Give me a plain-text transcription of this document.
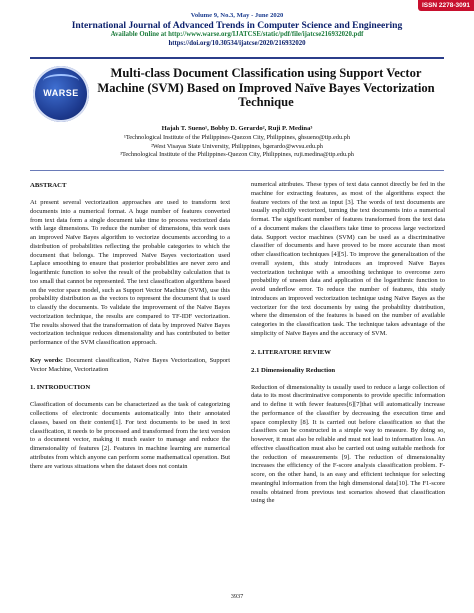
ISSN 2278-3091
Volume 9, No.3, May - June 2020
International Journal of Advanced Trends in Computer Science and Engineering
Available Online at http://www.warse.org/IJATCSE/static/pdf/file/ijatcse216932020.pdf
https://doi.org/10.30534/ijatcse/2020/216932020
WARSE
Multi-class Document Classification using Support Vector Machine (SVM) Based on Improved Naïve Bayes Vectorization Technique
Hajah T. Sueno¹, Bobby D. Gerardo², Ruji P. Medina³
¹Technological Institute of the Philippines-Quezon City, Philippines, ghsueno@tip.edu.ph
²West Visayas State University, Philippines, bgerardo@wvsu.edu.ph
³Technological Institute of the Philippines-Quezon City, Philippines, ruji.medina@tip.edu.ph

ABSTRACT

At present several vectorization approaches are used to transform text documents into a numerical format. A huge number of features converted from text data form a single document take time to process vectorized data with large dimensions. To reduce the number of dimensions, this work uses an improved Naïve Bayes algorithm to vectorize documents according to a distribution of probabilities reflecting the probable categories to which the document that belongs. The improved Naïve Bayes vectorization used Laplace smoothing to ensure that posterior probabilities are never zero and logarithmic function to solve the result of the probability calculation that is too small that cannot be represented. The text classification algorithms based on the vector space model, such as Support Vector Machine (SVM), use this probability distribution as the vectors to represent the document that is used to classify the documents. To validate the improvement of the Naïve Bayes vectorization technique, the results are compared to TF-IDF vectorization. The results showed that the transformation of data by improved Naïve Bayes vectorization technique reduces dimensionality and has contributed to better performance of the SVM classification approach.

Key words: Document classification, Naïve Bayes Vectorization, Support Vector Machine, Vectorization

1. INTRODUCTION

Classification of documents can be characterized as the task of categorizing collections of electronic documents automatically into their annotated classes, based on their content[1]. For text documents to be used in text classification, it needs to be processed and transformed from the text version to a document vector, making it much easier to manage and reduce the dimensionality of features [2]. Features in machine learning are numerical attributes from which anyone can perform some mathematical operation. But there are various situations when the dataset does not contain

numerical attributes. These types of text data cannot directly be fed in the machine for extracting features, as most of the algorithms expect the feature vectors of the text as input [3]. The words of text documents are usually explicitly vectorized, turning the text documents into a numerical format. The significant number of features transformed from the text data of a document makes the classifiers take time to process large vectorized data. Support vector machines (SVM) can be used as a discriminative classifier of documents and have proved to be more accurate than most other classification techniques [4][5]. To improve the generalization of the overall system, this study introduces an improved Naïve Bayes vectorization technique with a smoothing technique to overcome zero probability of unseen data and application of the logarithmic function to avoid underflow error. To reduce the number of features, this study introduces an improved vectorization technique using Naïve Bayes as the vectorizer for the text documents by using the probability distribution, where the dimension of the features is based on the number of available categories in the classification task. The technique takes advantage of the simplicity of Naïve Bayes and the accuracy of SVM.

2. LITERATURE REVIEW

2.1 Dimensionality Reduction

Reduction of dimensionality is usually used to reduce a large collection of data to its most discriminative components to provide specific information and to define it with fewer features[6][7]that will automatically increase the performance of the classifier by decreasing the execution time and space complexity [8]. It is carried out before classification so that the classifiers can be constructed in a simple way to measure. By doing so, however, it must also be reliable and must not lead to information loss. An effective classification must also be carried out using suitable methods for the reduction of measurements [9]. The reduction of dimensionality increases the efficiency of the F-score analysis classification problem. F-score, on the other hand, is an easy and efficient technique for selecting meaningful information from the high dimensional data[10]. The F1-score results obtained from previous test scenarios showed that classification using the

3937
